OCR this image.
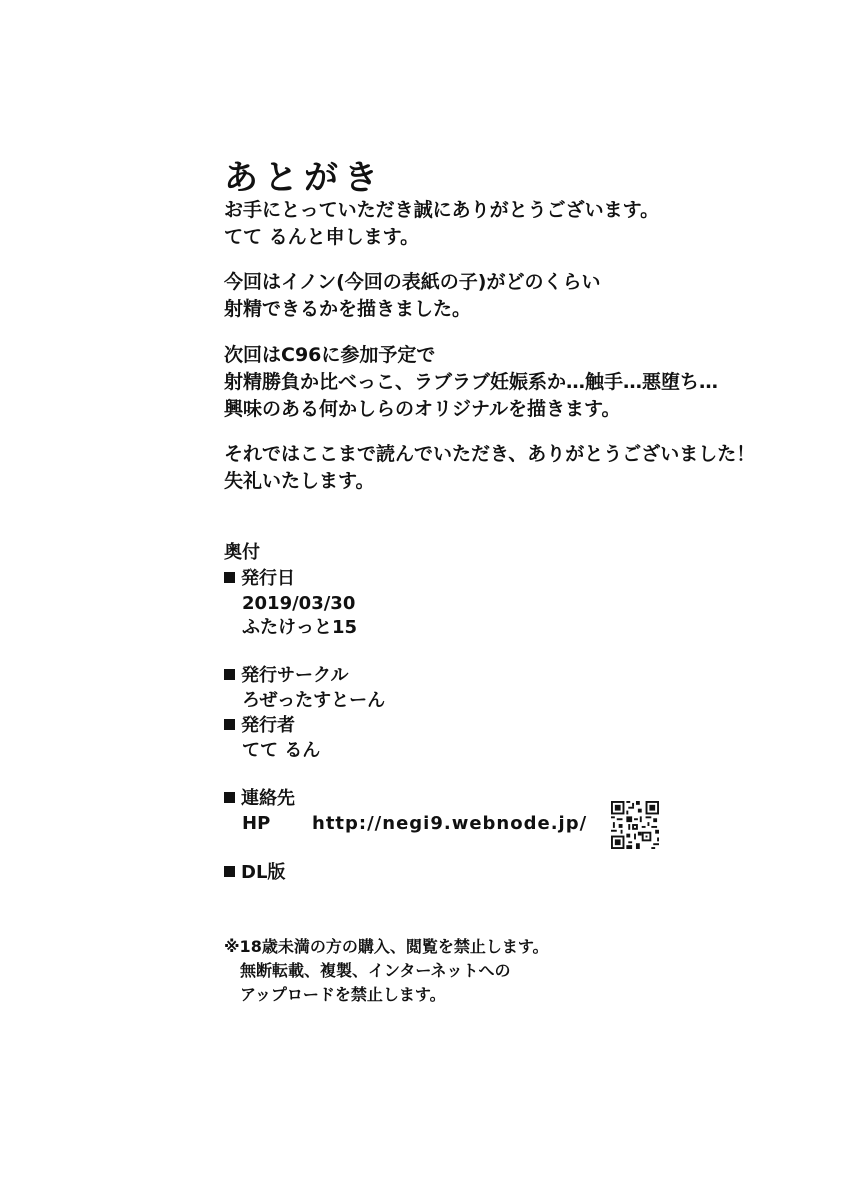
あとがき
お手にとっていただき誠にありがとうございます。
てて るんと申します。
今回はイノン(今回の表紙の子)がどのくらい
射精できるかを描きました。
次回はC96に参加予定で
射精勝負か比べっこ、ラブラブ妊娠系か…触手…悪堕ち…
興味のある何かしらのオリジナルを描きます。
それではここまで読んでいただき、ありがとうございました！
失礼いたします。
奥付
発行日
2019/03/30
ふたけっと15
発行サークル
ろぜったすとーん
発行者
てて るん
連絡先
HP http://negi9.webnode.jp/
DL版
※18歳未満の方の購入、閲覧を禁止します。
無断転載、複製、インターネットへの
アップロードを禁止します。
